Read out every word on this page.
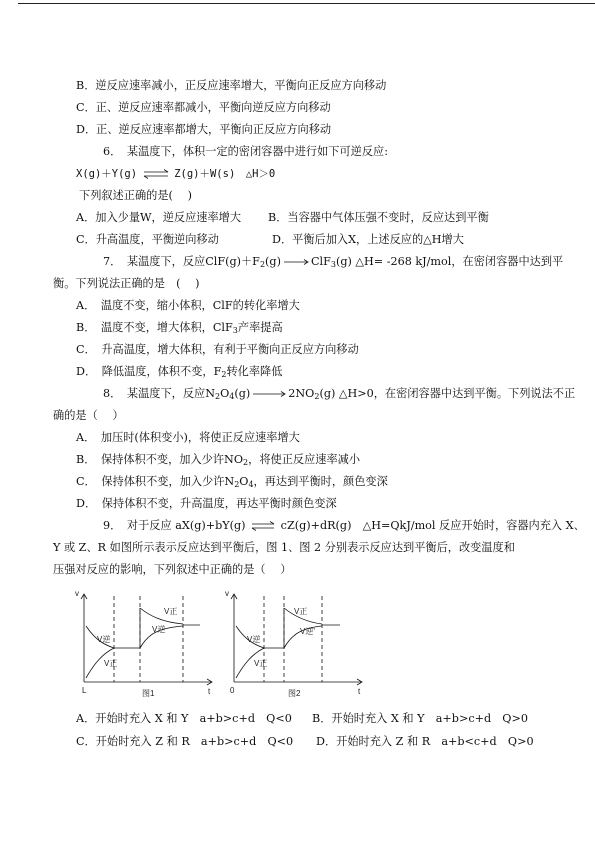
B．逆反应速率减小，正反应速率增大，平衡向正反应方向移动
C．正、逆反应速率都减小，平衡向逆反应方向移动
D．正、逆反应速率都增大，平衡向正反应方向移动
6．　某温度下，体积一定的密闭容器中进行如下可逆反应:
X(g)＋Y(g) ⇌ Z(g)＋W(s)　△H＞0
下列叙述正确的是(　 )
A．加入少量W，逆反应速率增大 B．当容器中气体压强不变时，反应达到平衡
C．升高温度，平衡逆向移动	D．平衡后加入X，上述反应的△H增大
7．　某温度下，反应$ClF(g)+F_2(g)$	ClF$_3$(g) △H= -268 kJ/mol，在密闭容器中达到平
衡。下列说法正确的是　(　 )
A．　温度不变，缩小体积，ClF的转化率增大
B．　温度不变，增大体积，ClF$_3$产率提高
C．　升高温度，增大体积，有利于平衡向正反应方向移动
D．　降低温度，体积不变，$F_2$转化率降低
8．　某温度下，反应$N_2O_4(g)$	$2NO_2(g)$ △H>0，在密闭容器中达到平衡。下列说法不正
确的是（　 ）
A．　加压时(体积变小)，将使正反应速率增大
B．　保持体积不变，加入少许$NO_2$，将使正反应速率减小
C．　保持体积不变，加入少许$N_2O_4$，再达到平衡时，颜色变深
D．　保持体积不变，升高温度，再达平衡时颜色变深
9．　对于反应 aX(g)+bY(g) ⇌ cZ(g)+dR(g)　△H=QkJ/mol 反应开始时，容器内充入 X、
Y 或 Z、R 如图所示表示反应达到平衡后，图 1、图 2 分别表示反应达到平衡后，改变温度和
压强对反应的影响，下列叙述中正确的是（　 ）
v
t
L
V正
V逆
V逆
V正
图1
v
t
0
V正
V逆'
V逆
V正
图2
A．开始时充入 X 和 Y　a+b>c+d　Q<0 B．开始时充入 X 和 Y　a+b>c+d　Q>0
C．开始时充入 Z 和 R　a+b>c+d　Q<0 D．开始时充入 Z 和 R　a+b<c+d　Q>0
